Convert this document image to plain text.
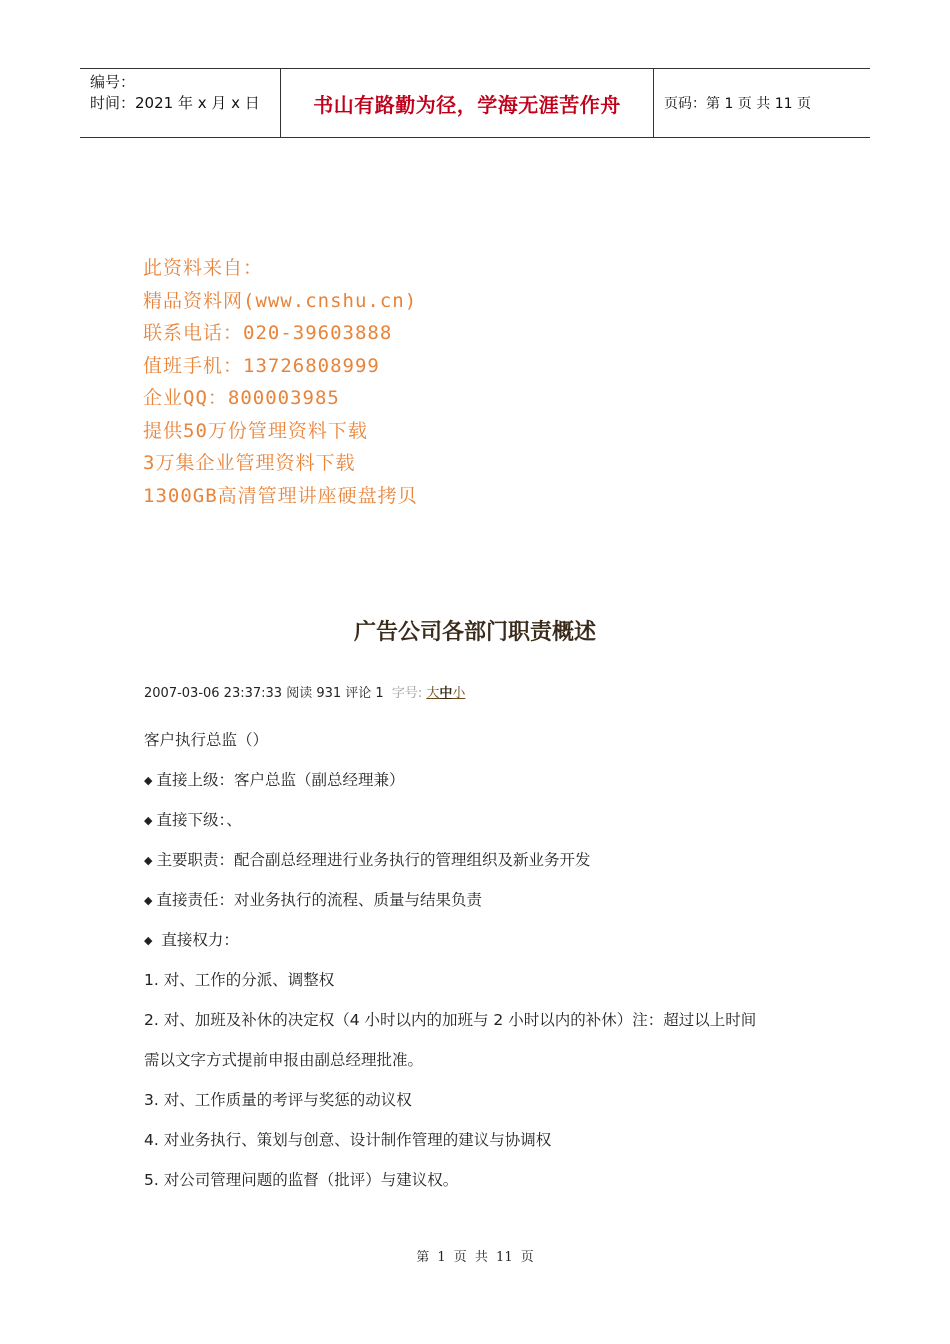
编号：
时间：2021 年 x 月 x 日	书山有路勤为径，学海无涯苦作舟	页码：第 1 页 共 11 页
此资料来自：
精品资料网(www.cnshu.cn)
联系电话：020-39603888
值班手机：13726808999
企业QQ：800003985
提供50万份管理资料下载
3万集企业管理资料下载
1300GB高清管理讲座硬盘拷贝
广告公司各部门职责概述
2007-03-06 23:37:33 阅读 931 评论 1 字号: 大中小
客户执行总监（）
◆ 直接上级：客户总监（副总经理兼）
◆ 直接下级：、
◆ 主要职责：配合副总经理进行业务执行的管理组织及新业务开发
◆ 直接责任：对业务执行的流程、质量与结果负责
◆ 直接权力：
1. 对、工作的分派、调整权
2. 对、加班及补休的决定权（4 小时以内的加班与 2 小时以内的补休）注：超过以上时间
需以文字方式提前申报由副总经理批准。
3. 对、工作质量的考评与奖惩的动议权
4. 对业务执行、策划与创意、设计制作管理的建议与协调权
5. 对公司管理问题的监督（批评）与建议权。
第 1 页 共 11 页
